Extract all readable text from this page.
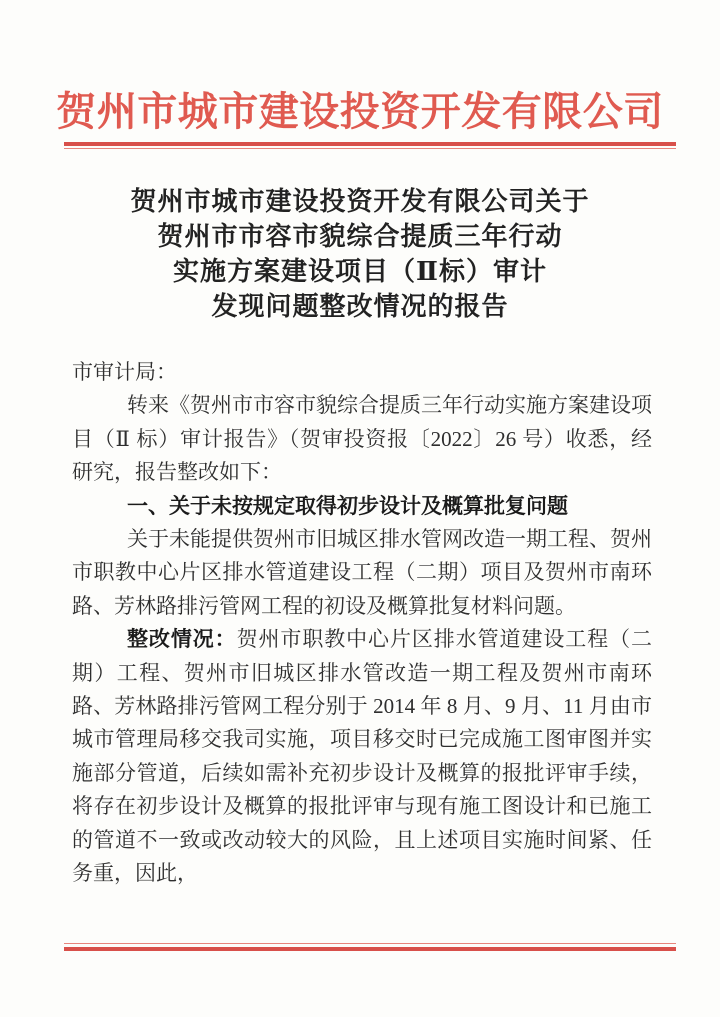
贺州市城市建设投资开发有限公司
贺州市城市建设投资开发有限公司关于
贺州市市容市貌综合提质三年行动
实施方案建设项目（Ⅱ标）审计
发现问题整改情况的报告

市审计局：

转来《贺州市市容市貌综合提质三年行动实施方案建设项目（Ⅱ 标）审计报告》（贺审投资报〔2022〕26 号）收悉，经研究，报告整改如下：

一、关于未按规定取得初步设计及概算批复问题

关于未能提供贺州市旧城区排水管网改造一期工程、贺州市职教中心片区排水管道建设工程（二期）项目及贺州市南环路、芳林路排污管网工程的初设及概算批复材料问题。

整改情况：贺州市职教中心片区排水管道建设工程（二期）工程、贺州市旧城区排水管改造一期工程及贺州市南环路、芳林路排污管网工程分别于 2014 年 8 月、9 月、11 月由市城市管理局移交我司实施，项目移交时已完成施工图审图并实施部分管道，后续如需补充初步设计及概算的报批评审手续，将存在初步设计及概算的报批评审与现有施工图设计和已施工的管道不一致或改动较大的风险，且上述项目实施时间紧、任务重，因此，
